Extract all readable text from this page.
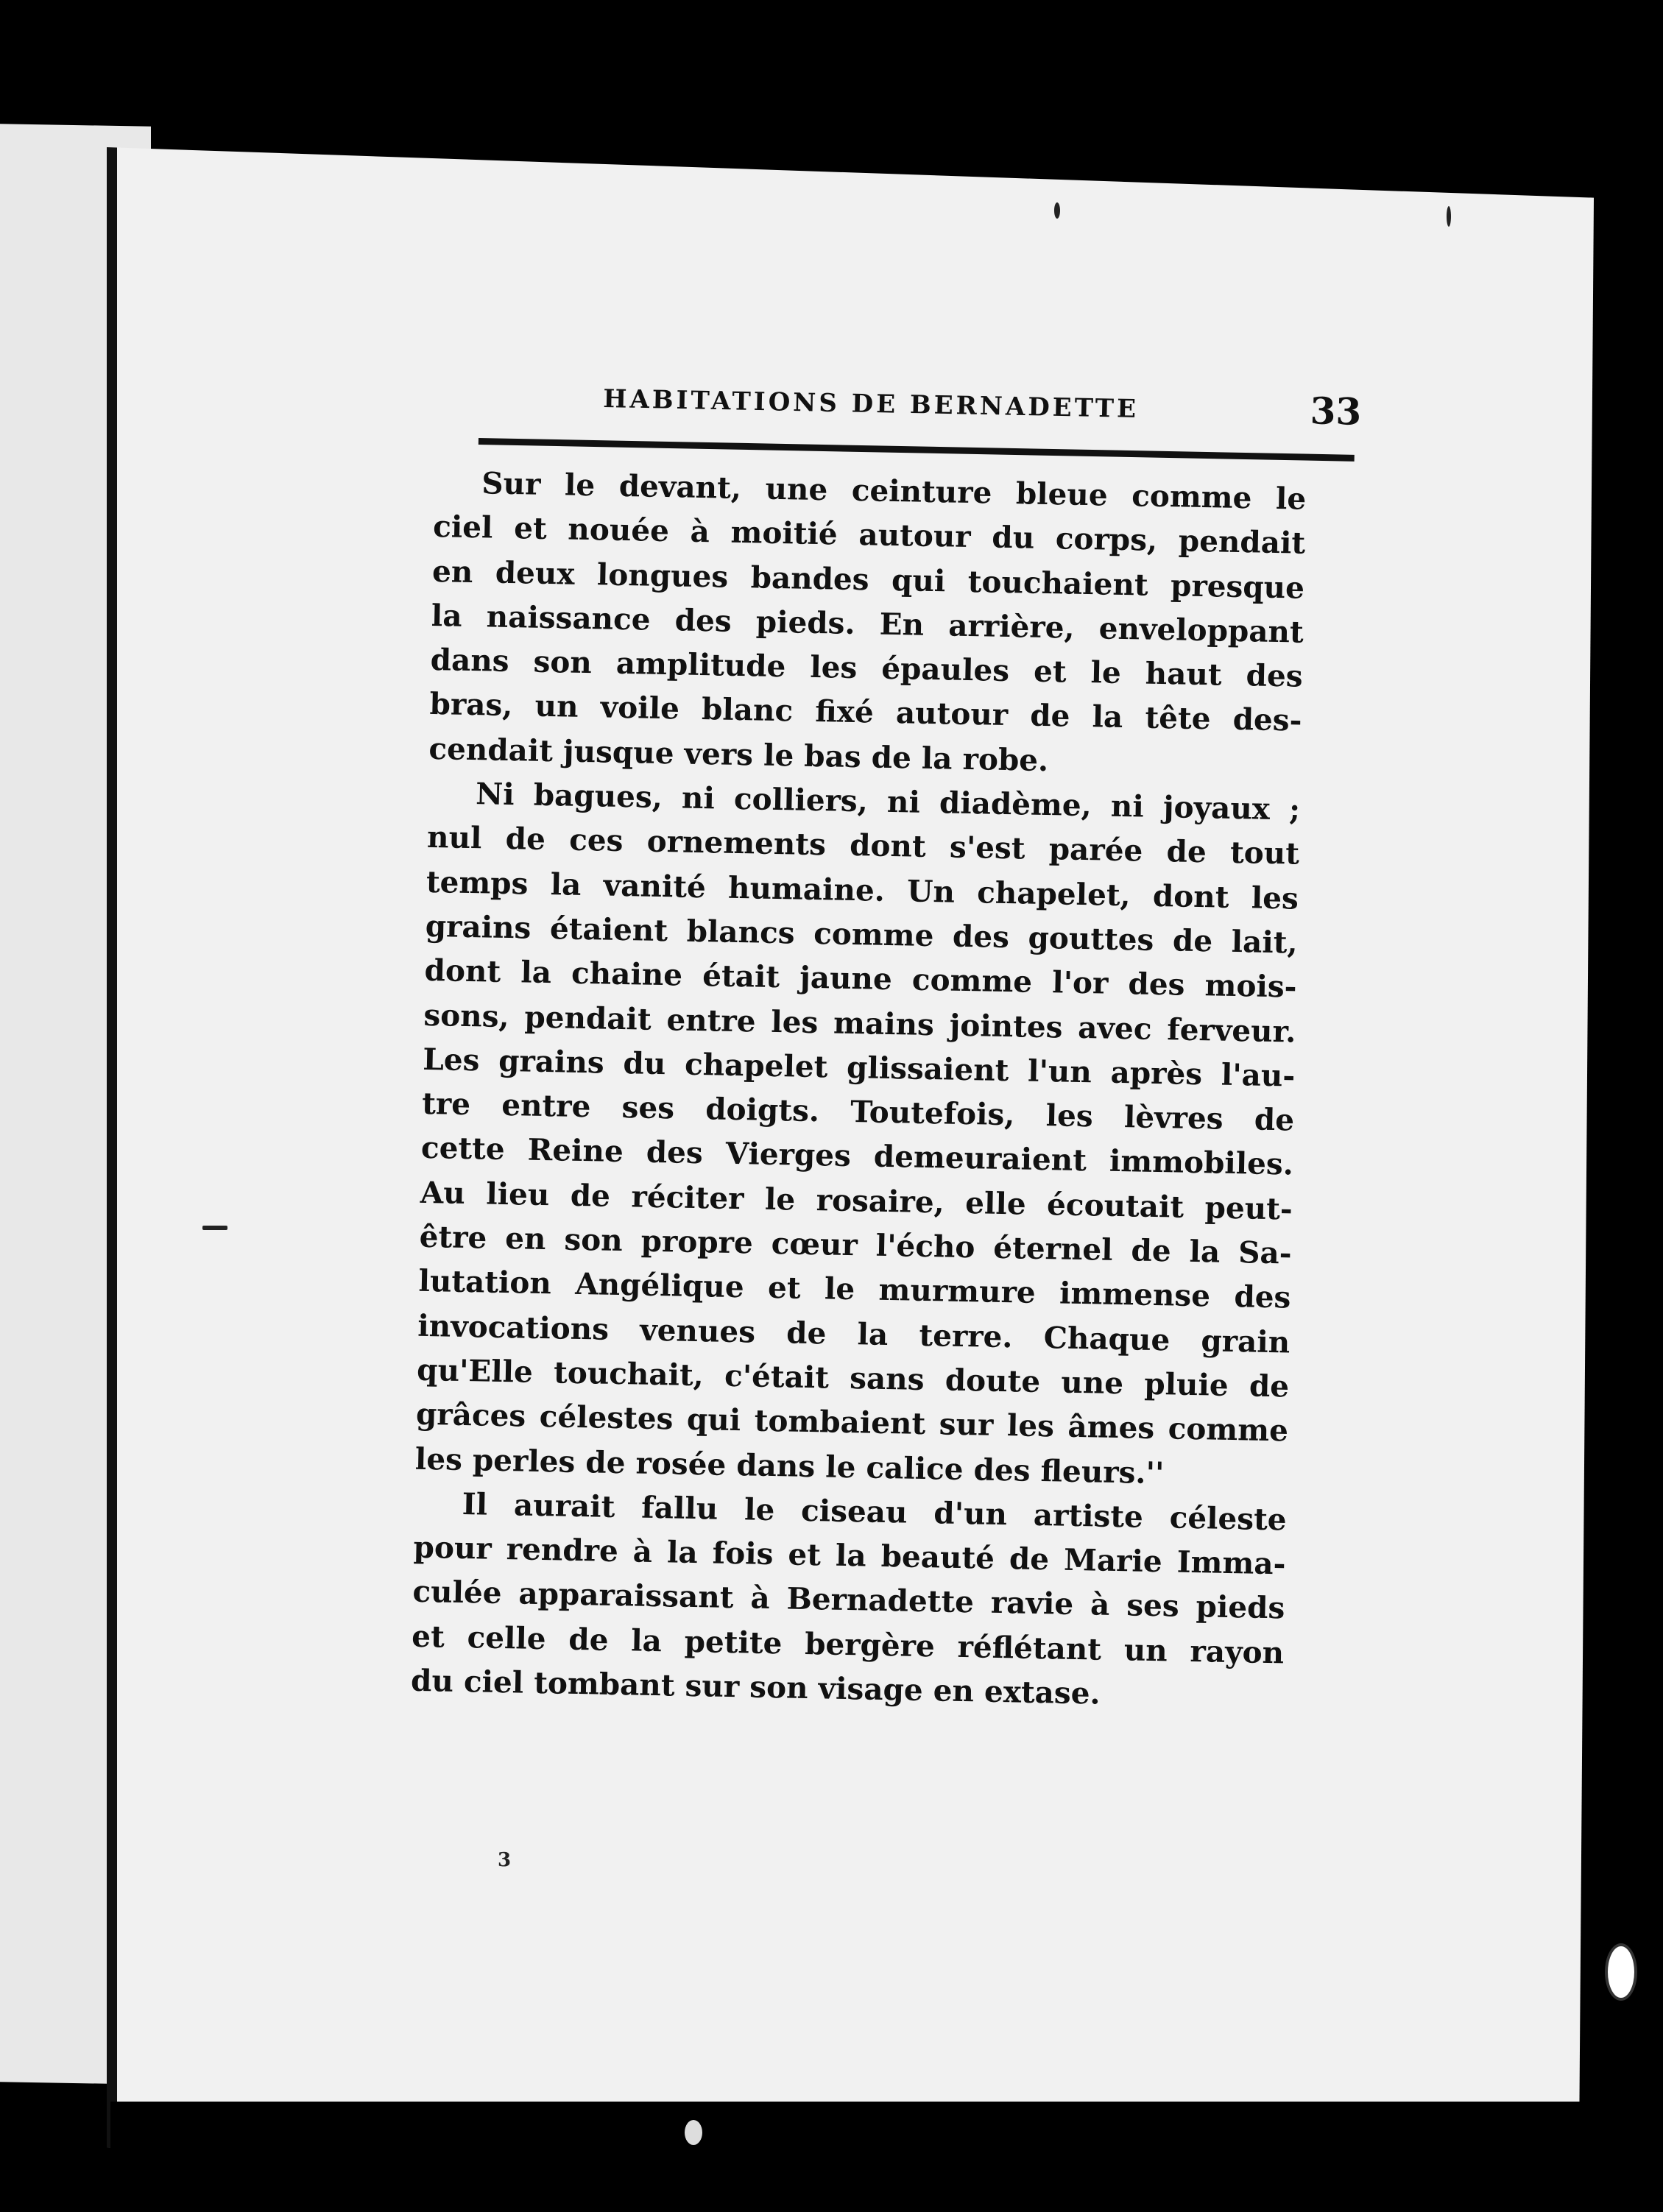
HABITATIONS DE BERNADETTE	33
Sur le devant, une ceinture bleue comme le
ciel et nouée à moitié autour du corps, pendait
en deux longues bandes qui touchaient presque
la naissance des pieds. En arrière, enveloppant
dans son amplitude les épaules et le haut des
bras, un voile blanc fixé autour de la tête des-
cendait jusque vers le bas de la robe.
Ni bagues, ni colliers, ni diadème, ni joyaux ;
nul de ces ornements dont s'est parée de tout
temps la vanité humaine. Un chapelet, dont les
grains étaient blancs comme des gouttes de lait,
dont la chaine était jaune comme l'or des mois-
sons, pendait entre les mains jointes avec ferveur.
Les grains du chapelet glissaient l'un après l'au-
tre entre ses doigts. Toutefois, les lèvres de
cette Reine des Vierges demeuraient immobiles.
Au lieu de réciter le rosaire, elle écoutait peut-
être en son propre cœur l'écho éternel de la Sa-
lutation Angélique et le murmure immense des
invocations venues de la terre. Chaque grain
qu'Elle touchait, c'était sans doute une pluie de
grâces célestes qui tombaient sur les âmes comme
les perles de rosée dans le calice des fleurs.''
Il aurait fallu le ciseau d'un artiste céleste
pour rendre à la fois et la beauté de Marie Imma-
culée apparaissant à Bernadette ravie à ses pieds
et celle de la petite bergère réflétant un rayon
du ciel tombant sur son visage en extase.
3
